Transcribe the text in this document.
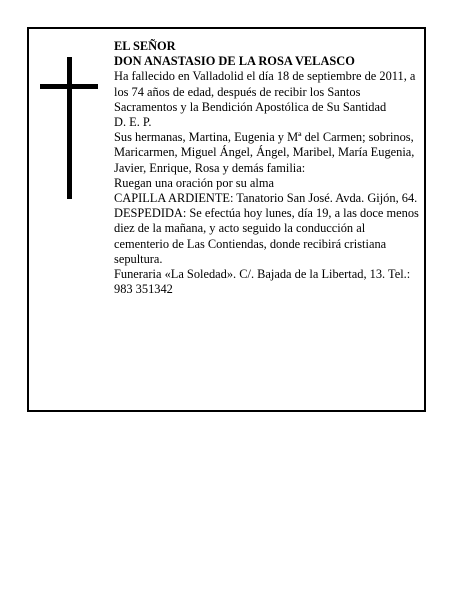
EL SEÑOR

DON ANASTASIO DE LA ROSA VELASCO

Ha fallecido en Valladolid el día 18 de septiembre de 2011, a los 74 años de edad, después de recibir los Santos Sacramentos y la Bendición Apostólica de Su Santidad

D. E. P.

Sus hermanas, Martina, Eugenia y Mª del Carmen; sobrinos, Maricarmen, Miguel Ángel, Ángel, Maribel, María Eugenia, Javier, Enrique, Rosa y demás familia:

Ruegan una oración por su alma

CAPILLA ARDIENTE: Tanatorio San José. Avda. Gijón, 64.

DESPEDIDA: Se efectúa hoy lunes, día 19, a las doce menos diez de la mañana, y acto seguido la conducción al cementerio de Las Contiendas, donde recibirá cristiana sepultura.

Funeraria «La Soledad». C/. Bajada de la Libertad, 13. Tel.: 983 351342
